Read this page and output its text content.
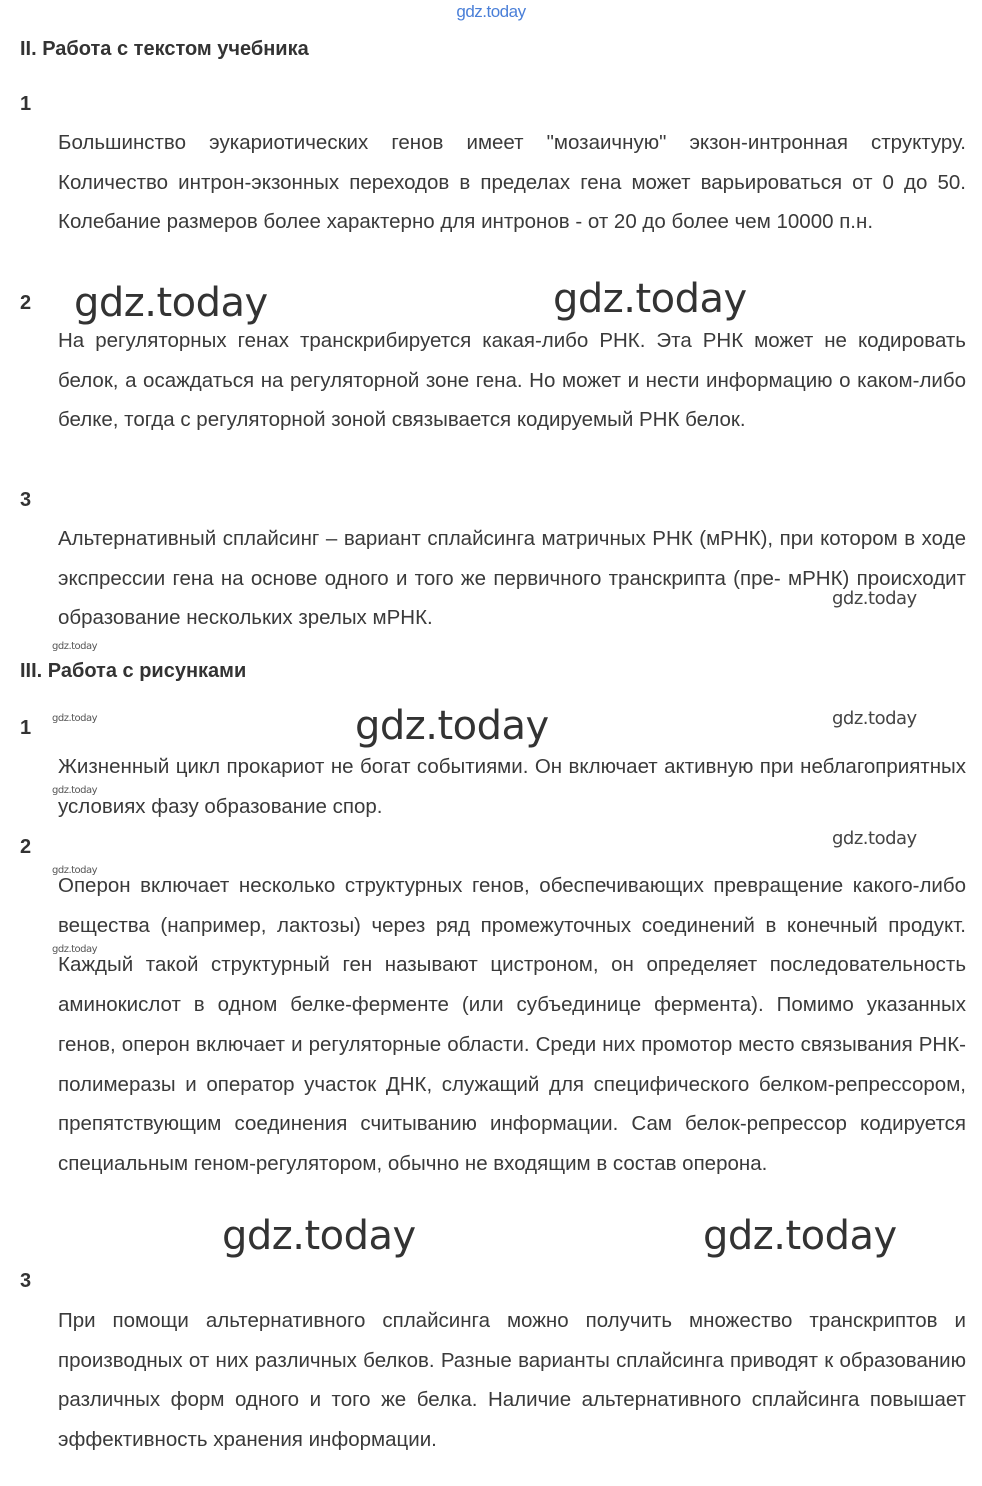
gdz.today
II. Работа с текстом учебника
1
Большинство эукариотических генов имеет "мозаичную" экзон-интронная структуру. Количество интрон-экзонных переходов в пределах гена может варьироваться от 0 до 50. Колебание размеров более характерно для интронов - от 20 до более чем 10000 п.н.
2
На регуляторных генах транскрибируется какая-либо РНК. Эта РНК может не кодировать белок, а осаждаться на регуляторной зоне гена. Но может и нести информацию о каком-либо белке, тогда с регуляторной зоной связывается кодируемый РНК белок.
3
Альтернативный сплайсинг – вариант сплайсинга матричных РНК (мРНК), при котором в ходе экспрессии гена на основе одного и того же первичного транскрипта (пре- мРНК) происходит образование нескольких зрелых мРНК.
III. Работа с рисунками
1
Жизненный цикл прокариот не богат событиями. Он включает активную при неблагоприятных условиях фазу образование спор.
2
Оперон включает несколько структурных генов, обеспечивающих превращение какого-либо вещества (например, лактозы) через ряд промежуточных соединений в конечный продукт. Каждый такой структурный ген называют цистроном, он определяет последовательность аминокислот в одном белке-ферменте (или субъединице фермента). Помимо указанных генов, оперон включает и регуляторные области. Среди них промотор место связывания РНК-полимеразы и оператор участок ДНК, служащий для специфического белком-репрессором, препятствующим соединения считыванию информации. Сам белок-репрессор кодируется специальным геном-регулятором, обычно не входящим в состав оперона.
3
При помощи альтернативного сплайсинга можно получить множество транскриптов и производных от них различных белков. Разные варианты сплайсинга приводят к образованию различных форм одного и того же белка. Наличие альтернативного сплайсинга повышает эффективность хранения информации.
gdz.today	gdz.today
gdz.today
gdz.today
gdz.today	gdz.today	gdz.today
gdz.today
gdz.today
gdz.today
gdz.today
gdz.today	gdz.today
